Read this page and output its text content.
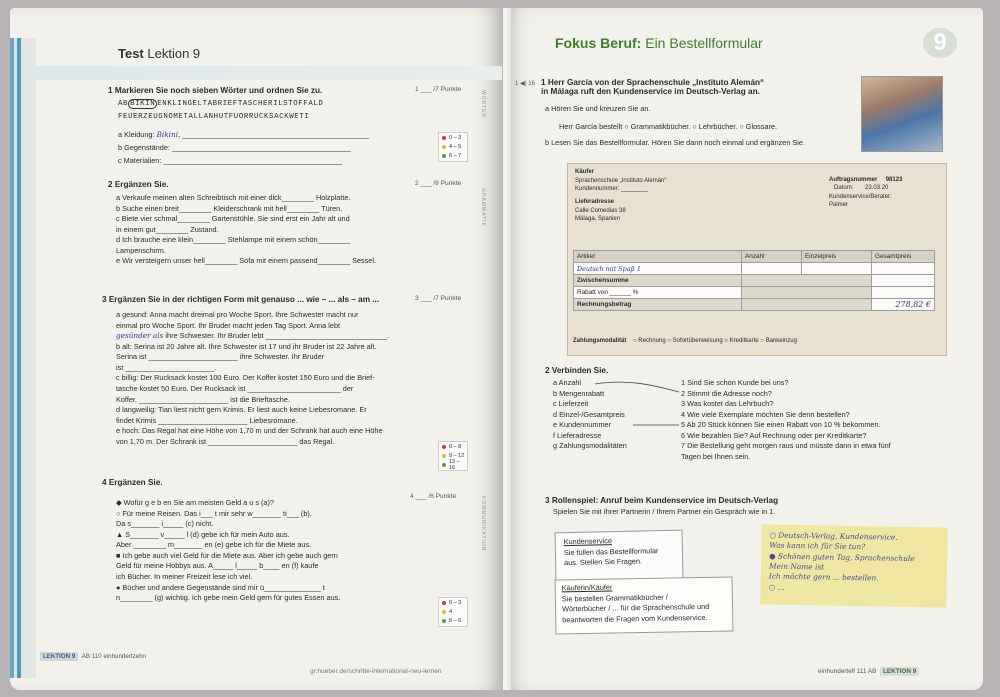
Test Lektion 9
1 Markieren Sie noch sieben Wörter und ordnen Sie zu.	1 ___ /7 Punkte
AB BIKIN ENKLINGELTABRIEFTASCHERILSTOFFALD
FEUERZEUGNOMETALLANHUTFUORRUCKSACKWETI
a Kleidung: Bikini, ______________________________________________
b Gegenstände: ____________________________________________
c Materialien: ____________________________________________
0 – 3
4 – 5
6 – 7
WÖRTER
2 Ergänzen Sie.	2 ___ /9 Punkte
a Verkaufe meinen alten Schreibtisch mit einer dick________ Holzplatte.
b Suche einen breit________ Kleiderschrank mit hell________ Türen.
c Biete vier schmal________ Gartenstühle. Sie sind erst ein Jahr alt und
in einem gut________ Zustand.
d Ich brauche eine klein________ Stehlampe mit einem schön________
Lampenschirm.
e Wir versteigern unser hell________ Sofa mit einem passend________ Sessel.
GRAMMATIK
3 Ergänzen Sie in der richtigen Form mit genauso ... wie – ... als – am ...	3 ___ /7 Punkte
a gesund: Anna macht dreimal pro Woche Sport. Ihre Schwester macht nur
einmal pro Woche Sport. Ihr Bruder macht jeden Tag Sport. Anna lebt
gesünder als ihre Schwester. Ihr Bruder lebt ______________________________.
b alt: Serina ist 20 Jahre alt. Ihre Schwester ist 17 und ihr Bruder ist 22 Jahre alt.
Serina ist ______________________ ihre Schwester. Ihr Bruder
ist ______________________.
c billig: Der Rucksack kostet 100 Euro. Der Koffer kostet 150 Euro und die Brief-
tasche kostet 50 Euro. Der Rucksack ist _______________________ der
Koffer. ______________________ ist die Brieftasche.
d langweilig: Tian liest nicht gern Krimis. Er liest auch keine Liebesromane. Er
findet Krimis ______________________ Liebesromane.
e hoch: Das Regal hat eine Höhe von 1,70 m und der Schrank hat auch eine Höhe
von 1,70 m. Der Schrank ist ______________________ das Regal.
0 – 8
9 – 12
13 – 16
4 Ergänzen Sie.
4 ___ /6 Punkte
◆ Wofür g e b en Sie am meisten Geld a u s (a)?
○ Für meine Reisen. Das i___ t mir sehr w_______ ti___ (b).
Da s_______ i_____ (c) nicht.
▲ S_______ v_____ l (d) gebe ich für mein Auto aus.
Aber ________ m_______ en (e) gebe ich für die Miete aus.
■ Ich gebe auch viel Geld für die Miete aus. Aber ich gebe auch gern
Geld für meine Hobbys aus. A_____ l_____ b____ en (f) kaufe
ich Bücher. In meiner Freizeit lese ich viel.
● Bücher und andere Gegenstände sind mir ü______________ t
n________ (g) wichtig. Ich gebe mein Geld gern für gutes Essen aus.
0 – 3
4
5 – 6
KOMMUNIKATION
LEKTION 9 AB 110 einhundertzehn
gr.hueber.de/schritte-international-neu-lernen
Fokus Beruf: Ein Bestellformular	9
1 ◀) 16 1 Herr García von der Sprachenschule „Instituto Alemán“
in Málaga ruft den Kundenservice im Deutsch-Verlag an.
a Hören Sie und kreuzen Sie an.
Herr García bestellt ○ Grammatikbücher. ○ Lehrbücher. ○ Glossare.
b Lesen Sie das Bestellformular. Hören Sie dann noch einmal und ergänzen Sie.
Käufer
Sprachenschule „Instituto Alemán“
Kundennummer: ________
Lieferadresse
Calle Comedias 38
Málaga, Spanien
Auftragsnummer 98123
Datum: 23.03.20
Kundenservice/Berater:
Palmer
Artikel	Anzahl	Einzelpreis	Gesamtpreis
Deutsch mit Spaß 1			
Zwischensumme			
Rabatt von ______ %			
Rechnungsbetrag			278,82 €
Zahlungsmodalität ○ Rechnung ○ Sofortüberweisung ○ Kreditkarte ○ Bankeinzug
2 Verbinden Sie.
a Anzahl
b Mengenrabatt
c Lieferzeit
d Einzel-/Gesamtpreis
e Kundennummer
f Lieferadresse
g Zahlungsmodalitäten
1 Sind Sie schon Kunde bei uns?
2 Stimmt die Adresse noch?
3 Was kostet das Lehrbuch?
4 Wie viele Exemplare möchten Sie denn bestellen?
5 Ab 20 Stück können Sie einen Rabatt von 10 % bekommen.
6 Wie bezahlen Sie? Auf Rechnung oder per Kreditkarte?
7 Die Bestellung geht morgen raus und müsste dann in etwa fünf
Tagen bei Ihnen sein.
3 Rollenspiel: Anruf beim Kundenservice im Deutsch-Verlag
Spielen Sie mit Ihrer Partnerin / Ihrem Partner ein Gespräch wie in 1.
Kundenservice
Sie füllen das Bestellformular
aus. Stellen Sie Fragen.
Käuferin/Käufer
Sie bestellen Grammatikbücher /
Wörterbücher / ... für die Sprachenschule und
beantworten die Fragen vom Kundenservice.
○ Deutsch-Verlag, Kundenservice.
Was kann ich für Sie tun?
● Schönen guten Tag, Sprachenschule
Mein Name ist
Ich möchte gern ... bestellen.
○ ...
einhundertelf 111 AB LEKTION 9
